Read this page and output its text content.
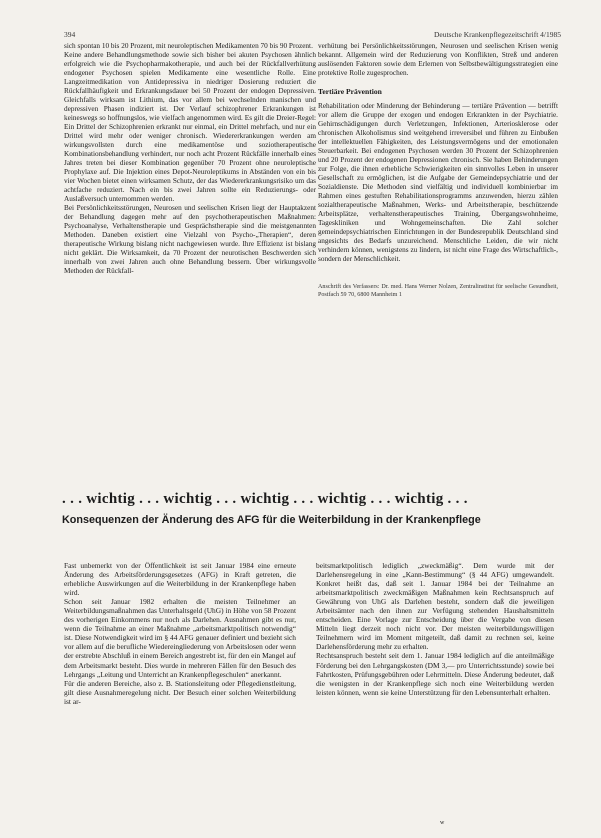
394	Deutsche Krankenpflegezeitschrift 4/1985

sich spontan 10 bis 20 Prozent, mit neuroleptischen Medikamenten 70 bis 90 Prozent.

Keine andere Behandlungsmethode sowie sich bisher bei akuten Psychosen ähnlich erfolgreich wie die Psychopharmakotherapie, und auch bei der Rückfallverhütung endogener Psychosen spielen Medikamente eine wesentliche Rolle. Eine Langzeitmedikation von Antidepressiva in niedriger Dosierung reduziert die Rückfallhäufigkeit und Erkrankungsdauer bei 50 Prozent der endogen Depressiven. Gleichfalls wirksam ist Lithium, das vor allem bei wechselnden manischen und depressiven Phasen indiziert ist. Der Verlauf schizophrener Erkrankungen ist keineswegs so hoffnungslos, wie vielfach angenommen wird. Es gilt die Dreier-Regel: Ein Drittel der Schizophrenien erkrankt nur einmal, ein Drittel mehrfach, und nur ein Drittel wird mehr oder weniger chronisch. Wiedererkrankungen werden am wirkungsvollsten durch eine medikamentöse und soziotherapeutische Kombinationsbehandlung verhindert, nur noch acht Prozent Rückfälle innerhalb eines Jahres treten bei dieser Kombination gegenüber 70 Prozent ohne neuroleptische Prophylaxe auf. Die Injektion eines Depot-Neuroleptikums in Abständen von ein bis vier Wochen bietet einen wirksamen Schutz, der das Wiedererkrankungsrisiko um das achtfache reduziert. Nach ein bis zwei Jahren sollte ein Reduzierungs- oder Auslaßversuch unternommen werden.

Bei Persönlichkeitsstörungen, Neurosen und seelischen Krisen liegt der Hauptakzent der Behandlung dagegen mehr auf den psychotherapeutischen Maßnahmen: Psychoanalyse, Verhaltenstherapie und Gesprächstherapie sind die meistgenannten Methoden. Daneben existiert eine Vielzahl von Psycho-„Therapien“, deren therapeutische Wirkung bislang nicht nachgewiesen wurde. Ihre Effizienz ist bislang nicht geklärt. Die Wirksamkeit, da 70 Prozent der neurotischen Beschwerden sich innerhalb von zwei Jahren auch ohne Behandlung bessern. Über wirkungsvolle Methoden der Rückfall-

verhütung bei Persönlichkeitsstörungen, Neurosen und seelischen Krisen wenig bekannt. Allgemein wird der Reduzierung von Konflikten, Streß und anderen auslösenden Faktoren sowie dem Erlernen von Selbstbewältigungsstrategien eine protektive Rolle zugesprochen.

Tertiäre Prävention

Rehabilitation oder Minderung der Behinderung — tertiäre Prävention — betrifft vor allem die Gruppe der exogen und endogen Erkrankten in der Psychiatrie. Gehirnschädigungen durch Verletzungen, Infektionen, Arteriosklerose oder chronischen Alkoholismus sind weitgehend irreversibel und führen zu Einbußen der intellektuellen Fähigkeiten, des Leistungsvermögens und der emotionalen Steuerbarkeit. Bei endogenen Psychosen werden 30 Prozent der Schizophrenien und 20 Prozent der endogenen Depressionen chronisch. Sie haben Behinderungen zur Folge, die ihnen erhebliche Schwierigkeiten ein sinnvolles Leben in unserer Gesellschaft zu ermöglichen, ist die Aufgabe der Gemeindepsychiatrie und der Sozialdienste. Die Methoden sind vielfältig und individuell kombinierbar im Rahmen eines gestuften Rehabilitationsprogramms anzuwenden, hierzu zählen sozialtherapeutische Maßnahmen, Werks- und Arbeitstherapie, beschützende Arbeitsplätze, verhaltenstherapeutisches Training, Übergangswohnheime, Tageskliniken und Wohngemeinschaften. Die Zahl solcher gemeindepsychiatrischen Einrichtungen in der Bundesrepublik Deutschland sind angesichts des Bedarfs unzureichend. Menschliche Leiden, die wir nicht verhindern können, wenigstens zu lindern, ist nicht eine Frage des Wirtschaftlich-, sondern der Menschlichkeit.

Anschrift des Verfassers: Dr. med. Hans Werner Nolzen, Zentralinstitut für seelische Gesundheit, Postfach 59 70, 6800 Mannheim 1

. . . wichtig . . . wichtig . . . wichtig . . . wichtig . . . wichtig . . .
Konsequenzen der Änderung des AFG für die Weiterbildung in der Krankenpflege

Fast unbemerkt von der Öffentlichkeit ist seit Januar 1984 eine erneute Änderung des Arbeitsförderungsgesetzes (AFG) in Kraft getreten, die erhebliche Auswirkungen auf die Weiterbildung in der Krankenpflege haben wird.

Schon seit Januar 1982 erhalten die meisten Teilnehmer an Weiterbildungsmaßnahmen das Unterhaltsgeld (UhG) in Höhe von 58 Prozent des vorherigen Einkommens nur noch als Darlehen. Ausnahmen gibt es nur, wenn die Teilnahme an einer Maßnahme „arbeitsmarktpolitisch notwendig“ ist. Diese Notwendigkeit wird im § 44 AFG genauer definiert und bezieht sich vor allem auf die berufliche Wiedereingliederung von Arbeitslosen oder wenn der erstrebte Abschluß in einem Bereich angestrebt ist, für den ein Mangel auf dem Arbeitsmarkt besteht. Dies wurde in mehreren Fällen für den Besuch des Lehrgangs „Leitung und Unterricht an Krankenpflegeschulen“ anerkannt.

Für die anderen Bereiche, also z. B. Stationsleitung oder Pflegedienstleitung, gilt diese Ausnahmeregelung nicht. Der Besuch einer solchen Weiterbildung ist ar-

beitsmarktpolitisch lediglich „zweckmäßig“. Dem wurde mit der Darlehensregelung in eine „Kann-Bestimmung“ (§ 44 AFG) umgewandelt. Konkret heißt das, daß seit 1. Januar 1984 bei der Teilnahme an arbeitsmarktpolitisch zweckmäßigen Maßnahmen kein Rechtsanspruch auf Gewährung von UhG als Darlehen besteht, sondern daß die jeweiligen Arbeitsämter nach den ihnen zur Verfügung stehenden Haushaltsmitteln entscheiden. Eine Vorlage zur Entscheidung über die Vergabe von diesen Mitteln liegt derzeit noch nicht vor. Der meisten weiterbildungswilligen Teilnehmern wird im Moment mitgeteilt, daß damit zu rechnen sei, keine Darlehensförderung mehr zu erhalten.

Rechtsanspruch besteht seit dem 1. Januar 1984 lediglich auf die anteilmäßige Förderung bei den Lehrgangskosten (DM 3,— pro Unterrichtsstunde) sowie bei Fahrtkosten, Prüfungsgebühren oder Lehrmitteln. Diese Änderung bedeutet, daß die wenigsten in der Krankenpflege sich noch eine Weiterbildung werden leisten können, wenn sie keine Unterstützung für den Lebensunterhalt erhalten.

w
